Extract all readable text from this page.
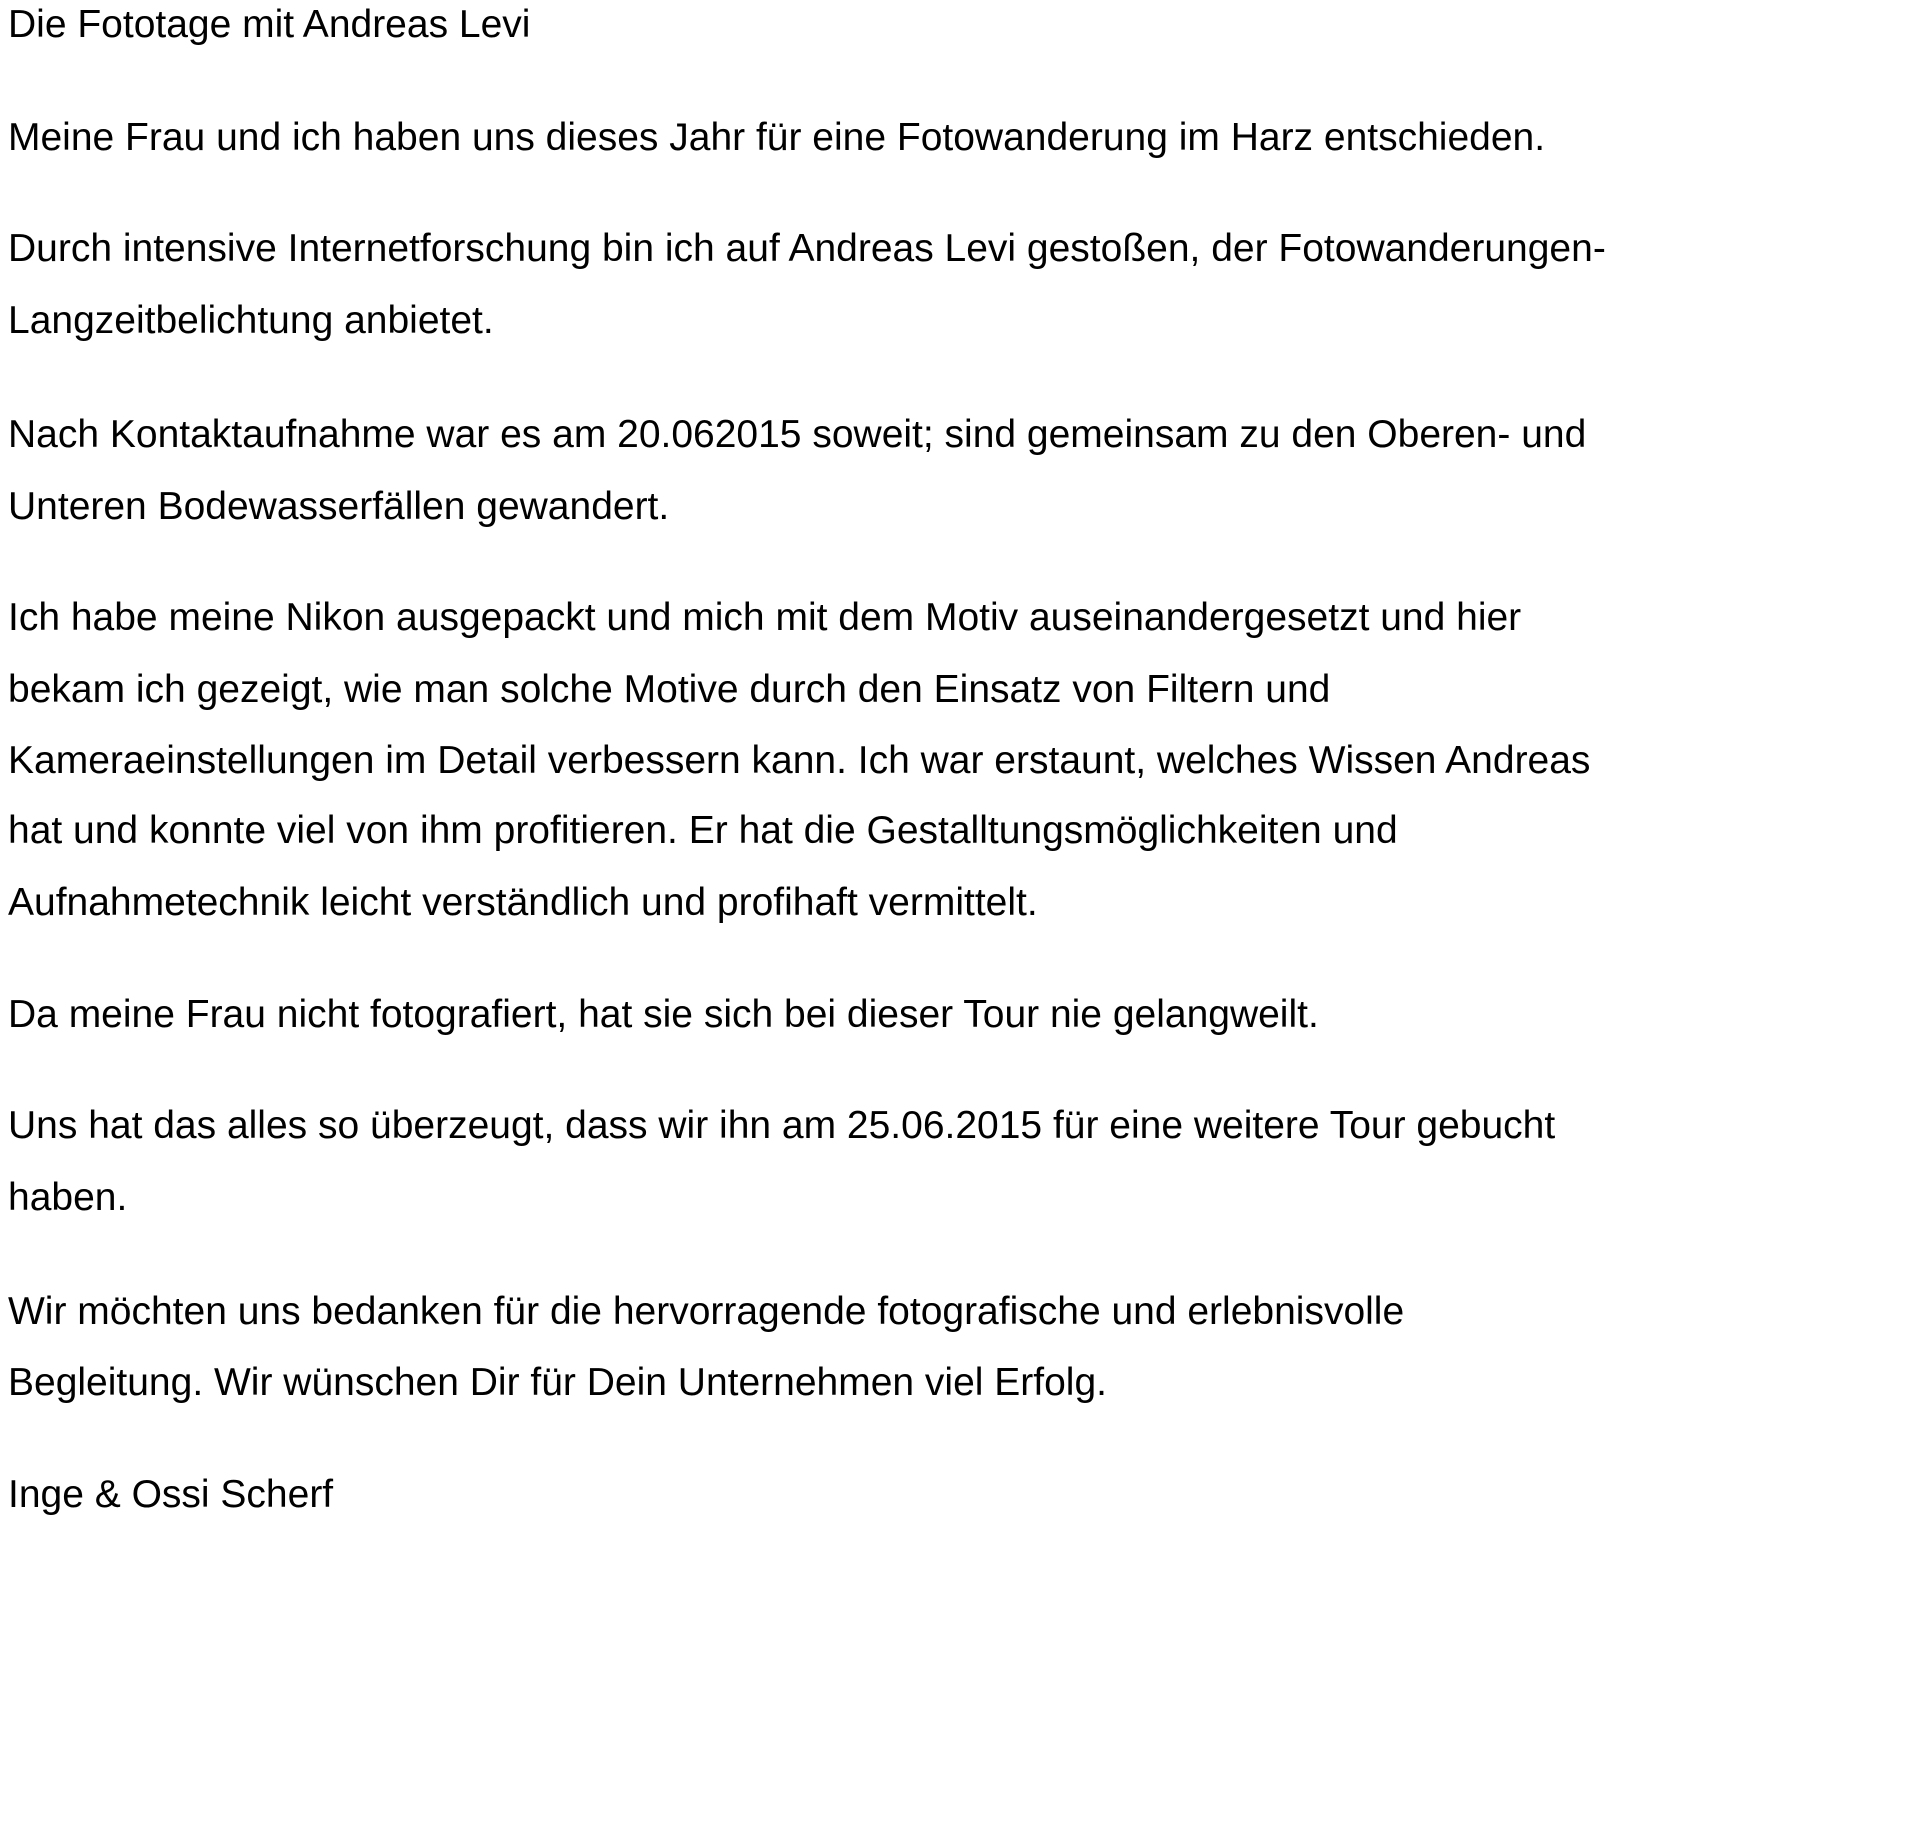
Die Fototage mit Andreas Levi

Meine Frau und ich haben uns dieses Jahr für eine Fotowanderung im Harz entschieden.

Durch intensive Internetforschung bin ich auf Andreas Levi gestoßen, der Fotowanderungen-

Langzeitbelichtung anbietet.

Nach Kontaktaufnahme war es am 20.062015 soweit; sind gemeinsam zu den Oberen- und

Unteren Bodewasserfällen gewandert.

Ich habe meine Nikon ausgepackt und mich mit dem Motiv auseinandergesetzt und hier

bekam ich gezeigt, wie man solche Motive durch den Einsatz von Filtern und

Kameraeinstellungen im Detail verbessern kann. Ich war erstaunt, welches Wissen Andreas

hat und konnte viel von ihm profitieren. Er hat die Gestalltungsmöglichkeiten und

Aufnahmetechnik leicht verständlich und profihaft vermittelt.

Da meine Frau nicht fotografiert, hat sie sich bei dieser Tour nie gelangweilt.

Uns hat das alles so überzeugt, dass wir ihn am 25.06.2015 für eine weitere Tour gebucht

haben.

Wir möchten uns bedanken für die hervorragende fotografische und erlebnisvolle

Begleitung. Wir wünschen Dir für Dein Unternehmen viel Erfolg.

Inge & Ossi Scherf
